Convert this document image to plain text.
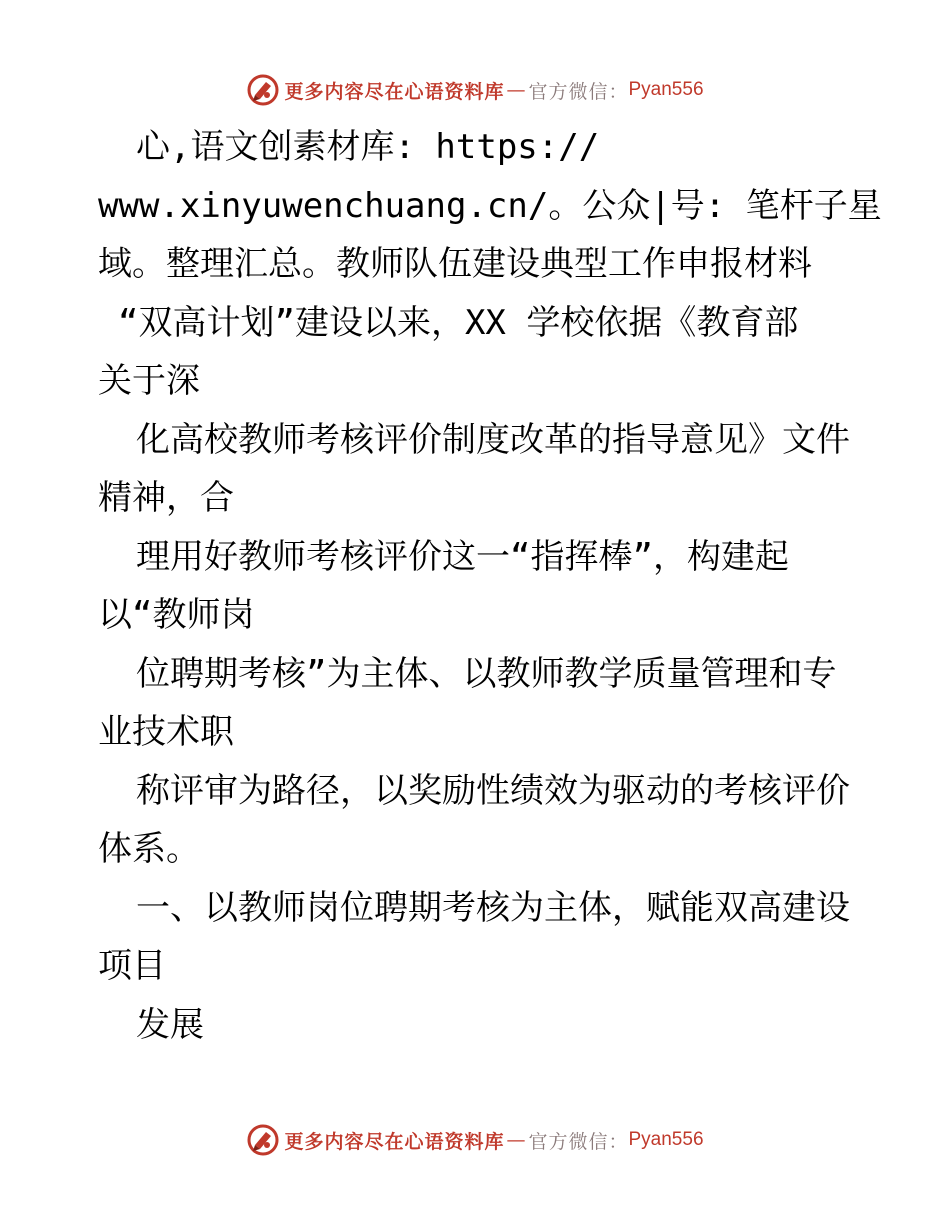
更多内容尽在心语资料库 — 官方微信： Pyan556
心,语文创素材库: https://
www.xinyuwenchuang.cn/。公众|号: 笔杆子星
域。整理汇总。教师队伍建设典型工作申报材料
“双高计划”建设以来，XX 学校依据《教育部
关于深
化高校教师考核评价制度改革的指导意见》文件
精神，合
理用好教师考核评价这一“指挥棒”，构建起
以“教师岗
位聘期考核”为主体、以教师教学质量管理和专
业技术职
称评审为路径，以奖励性绩效为驱动的考核评价
体系。
一、以教师岗位聘期考核为主体，赋能双高建设
项目
发展
更多内容尽在心语资料库 — 官方微信： Pyan556
